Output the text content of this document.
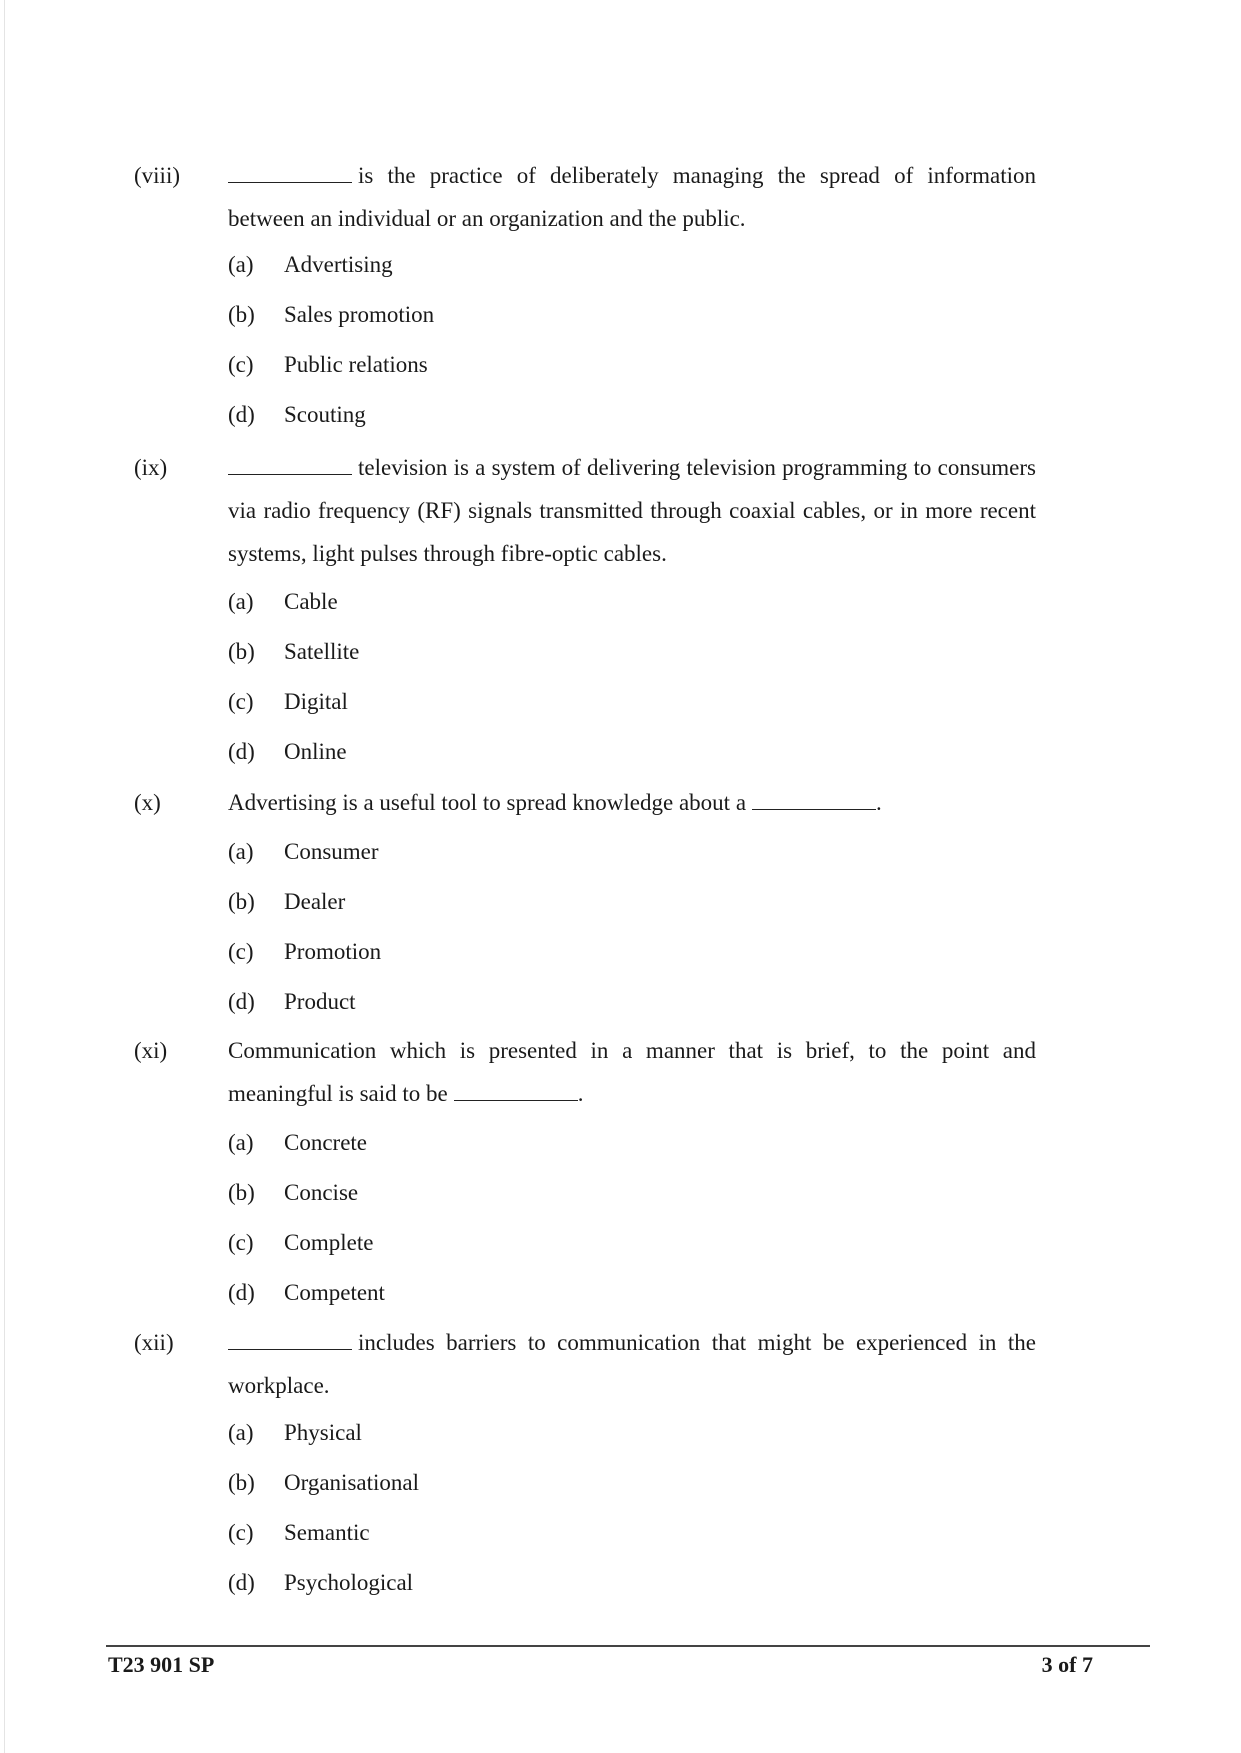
(viii)	is the practice of deliberately managing the spread of information between an individual or an organization and the public.
(a) Advertising
(b) Sales promotion
(c) Public relations
(d) Scouting
(ix)	television is a system of delivering television programming to consumers via radio frequency (RF) signals transmitted through coaxial cables, or in more recent systems, light pulses through fibre-optic cables.
(a) Cable
(b) Satellite
(c) Digital
(d) Online
(x)	Advertising is a useful tool to spread knowledge about a	.
(a) Consumer
(b) Dealer
(c) Promotion
(d) Product
(xi)	Communication which is presented in a manner that is brief, to the point and meaningful is said to be	.
(a) Concrete
(b) Concise
(c) Complete
(d) Competent
(xii)	includes barriers to communication that might be experienced in the workplace.
(a) Physical
(b) Organisational
(c) Semantic
(d) Psychological
T23 901 SP	3 of 7
